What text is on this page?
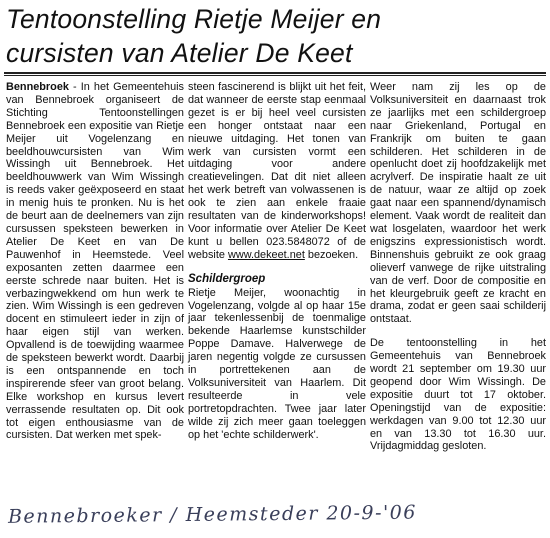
Tentoonstelling Rietje Meijer en
cursisten van Atelier De Keet

Bennebroek - In het Gemeentehuis van Bennebroek organiseert de Stichting Tentoonstellingen Bennebroek een expositie van Rietje Meijer uit Vogelenzang en beeldhouwcursisten van Wim Wissingh uit Bennebroek. Het beeldhouwwerk van Wim Wissingh is reeds vaker geëxposeerd en staat in menig huis te pronken. Nu is het de beurt aan de deelnemers van zijn cursussen speksteen bewerken in Atelier De Keet en van De Pauwenhof in Heemstede. Veel exposanten zetten daarmee een eerste schrede naar buiten. Het is verbazingwekkend om hun werk te zien. Wim Wissingh is een gedreven docent en stimuleert ieder in zijn of haar eigen stijl van werken. Opvallend is de toewijding waarmee de speksteen bewerkt wordt. Daarbij is een ontspannende en toch inspirerende sfeer van groot belang. Elke workshop en kursus levert verrassende resultaten op. Dit ook tot eigen enthousiasme van de cursisten. Dat werken met spek-

steen fascinerend is blijkt uit het feit, dat wanneer de eerste stap eenmaal gezet is er bij heel veel cursisten een honger ontstaat naar een nieuwe uitdaging. Het tonen van werk van cursisten vormt een uitdaging voor andere creatievelingen. Dat dit niet alleen het werk betreft van volwassenen is ook te zien aan enkele fraaie resultaten van de kinderworkshops! Voor informatie over Atelier De Keet kunt u bellen 023.5848072 of de website www.dekeet.net bezoeken.

Schildergroep

Rietje Meijer, woonachtig in Vogelenzang, volgde al op haar 15e jaar tekenlessenbij de toenmalige bekende Haarlemse kunstschilder Poppe Damave. Halverwege de jaren negentig volgde ze cursussen in portrettekenen aan de Volksuniversiteit van Haarlem. Dit resulteerde in vele portretopdrachten. Twee jaar later wilde zij zich meer gaan toeleggen op het 'echte schilderwerk'.

Weer nam zij les op de Volksuniversiteit en daarnaast trok ze jaarlijks met een schildergroep naar Griekenland, Portugal en Frankrijk om buiten te gaan schilderen. Het schilderen in de openlucht doet zij hoofdzakelijk met acrylverf. De inspiratie haalt ze uit de natuur, waar ze altijd op zoek gaat naar een spannend/dynamisch element. Vaak wordt de realiteit dan wat losgelaten, waardoor het werk enigszins expressionistisch wordt. Binnenshuis gebruikt ze ook graag olieverf vanwege de rijke uitstraling van de verf. Door de compositie en het kleurgebruik geeft ze kracht en drama, zodat er geen saai schilderij ontstaat.

De tentoonstelling in het Gemeentehuis van Bennebroek wordt 21 september om 19.30 uur geopend door Wim Wissingh. De expositie duurt tot 17 oktober. Openingstijd van de expositie: werkdagen van 9.00 tot 12.30 uur en van 13.30 tot 16.30 uur. Vrijdagmiddag gesloten.

Bennebroeker / Heemsteder 20-9-'06
